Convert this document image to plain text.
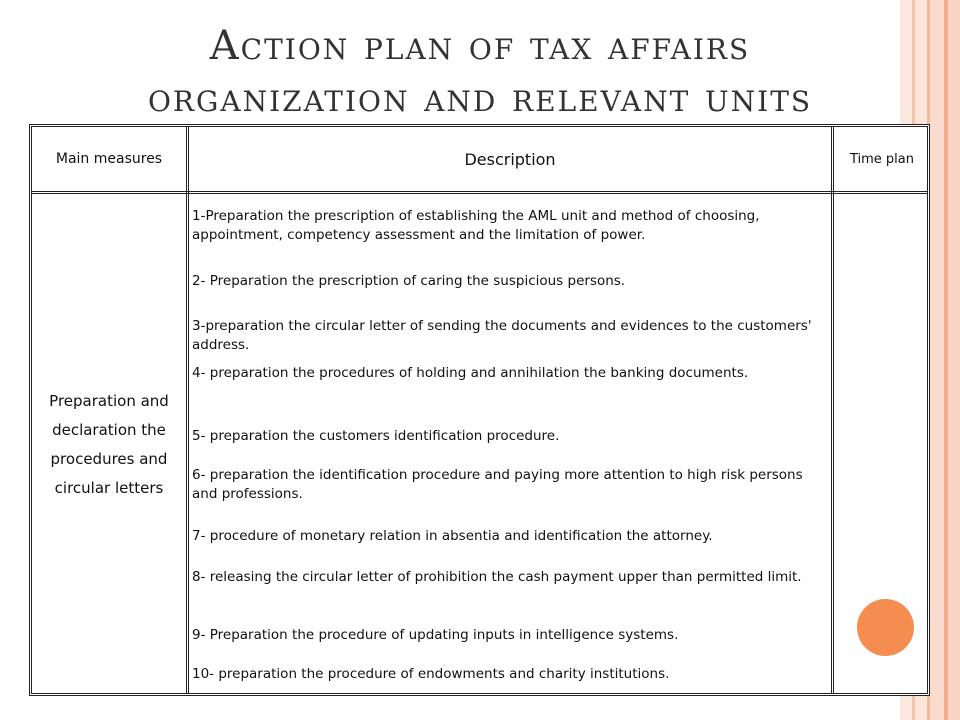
Action plan of tax affairs
organization and relevant units
Main measures	Description	Time plan
Preparation and declaration the procedures and circular letters
1-Preparation the prescription of establishing the AML unit and method of choosing, appointment, competency assessment and the limitation of power.
2- Preparation the prescription of caring the suspicious persons.
3-preparation the circular letter of sending the documents and evidences to the customers' address.
4- preparation the procedures of holding and annihilation the banking documents.
5- preparation the customers identification procedure.
6- preparation the identification procedure and paying more attention to high risk persons and professions.
7- procedure of monetary relation in absentia and identification the attorney.
8- releasing the circular letter of prohibition the cash payment upper than permitted limit.
9- Preparation the procedure of updating inputs in intelligence systems.
10- preparation the procedure of endowments and charity institutions.
